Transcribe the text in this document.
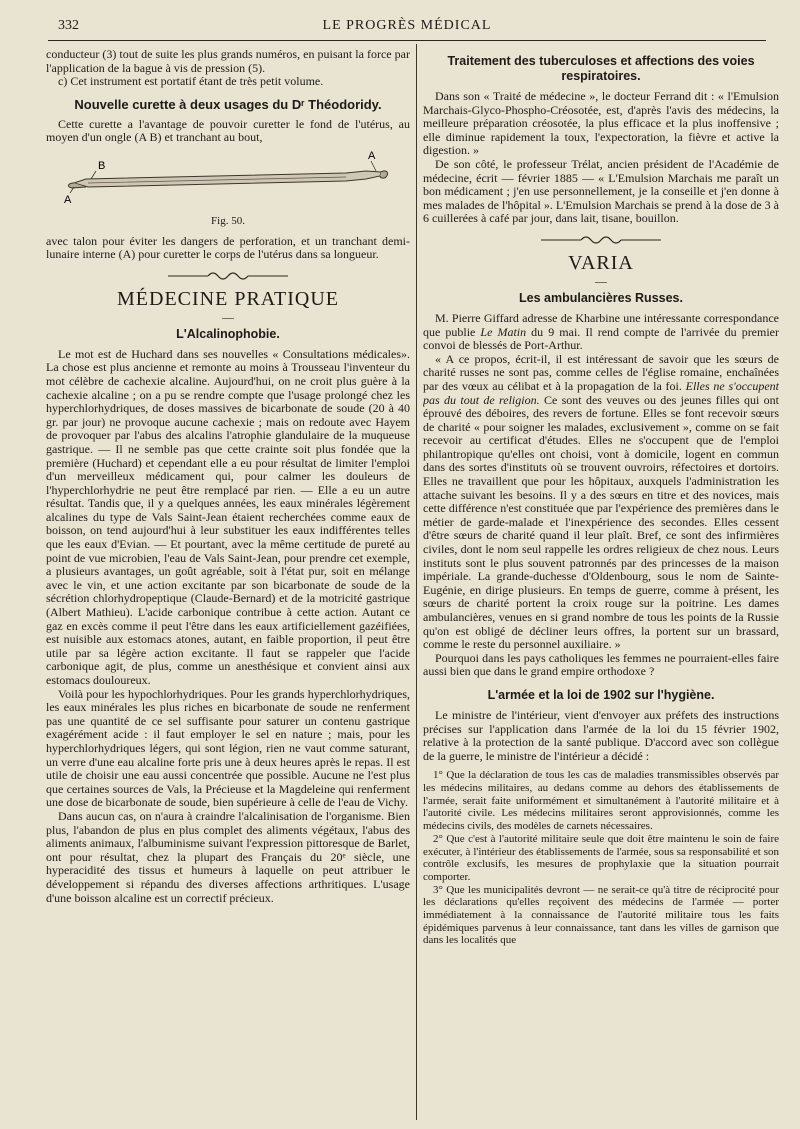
332	LE PROGRÈS MÉDICAL

conducteur (3) tout de suite les plus grands numéros, en puisant la force par l'application de la bague à vis de pression (5).

c) Cet instrument est portatif étant de très petit volume.

Nouvelle curette à deux usages du Dʳ Théodoridy.

Cette curette a l'avantage de pouvoir curetter le fond de l'utérus, au moyen d'un ongle (A B) et tranchant au bout,

B
A
A
Fig. 50.

avec talon pour éviter les dangers de perforation, et un tranchant demi-lunaire interne (A) pour curetter le corps de l'utérus dans sa longueur.

MÉDECINE PRATIQUE
—
L'Alcalinophobie.

Le mot est de Huchard dans ses nouvelles « Consultations médicales». La chose est plus ancienne et remonte au moins à Trousseau l'inventeur du mot célèbre de cachexie alcaline. Aujourd'hui, on ne croit plus guère à la cachexie alcaline ; on a pu se rendre compte que l'usage prolongé chez les hyperchlorhydriques, de doses massives de bicarbonate de soude (20 à 40 gr. par jour) ne provoque aucune cachexie ; mais on redoute avec Hayem de provoquer par l'abus des alcalins l'atrophie glandulaire de la muqueuse gastrique. — Il ne semble pas que cette crainte soit plus fondée que la première (Huchard) et cependant elle a eu pour résultat de limiter l'emploi d'un merveilleux médicament qui, pour calmer les douleurs de l'hyperchlorhydrie ne peut être remplacé par rien. — Elle a eu un autre résultat. Tandis que, il y a quelques années, les eaux minérales légèrement alcalines du type de Vals Saint-Jean étaient recherchées comme eaux de boisson, on tend aujourd'hui à leur substituer les eaux indifférentes telles que les eaux d'Evian. — Et pourtant, avec la même certitude de pureté au point de vue microbien, l'eau de Vals Saint-Jean, pour prendre cet exemple, a plusieurs avantages, un goût agréable, soit à l'état pur, soit en mélange avec le vin, et une action excitante par son bicarbonate de soude de la sécrétion chlorhydropeptique (Claude-Bernard) et de la motricité gastrique (Albert Mathieu). L'acide carbonique contribue à cette action. Autant ce gaz en excès comme il peut l'être dans les eaux artificiellement gazéifiées, est nuisible aux estomacs atones, autant, en faible proportion, il peut être utile par sa légère action excitante. Il faut se rappeler que l'acide carbonique agit, de plus, comme un anesthésique et convient ainsi aux estomacs douloureux.

Voilà pour les hypochlorhydriques. Pour les grands hyperchlorhydriques, les eaux minérales les plus riches en bicarbonate de soude ne renferment pas une quantité de ce sel suffisante pour saturer un contenu gastrique exagérément acide : il faut employer le sel en nature ; mais, pour les hyperchlorhydriques légers, qui sont légion, rien ne vaut comme saturant, un verre d'une eau alcaline forte pris une à deux heures après le repas. Il est utile de choisir une eau aussi concentrée que possible. Aucune ne l'est plus que certaines sources de Vals, la Précieuse et la Magdeleine qui renferment une dose de bicarbonate de soude, bien supérieure à celle de l'eau de Vichy.

Dans aucun cas, on n'aura à craindre l'alcalinisation de l'organisme. Bien plus, l'abandon de plus en plus complet des aliments végétaux, l'abus des aliments animaux, l'albuminisme suivant l'expression pittoresque de Barlet, ont pour résultat, chez la plupart des Français du 20ᵉ siècle, une hyperacidité des tissus et humeurs à laquelle on peut attribuer le développement si répandu des diverses affections arthritiques. L'usage d'une boisson alcaline est un correctif précieux.

Traitement des tuberculoses et affections des voies respiratoires.

Dans son « Traité de médecine », le docteur Ferrand dit : « l'Emulsion Marchais-Glyco-Phospho-Créosotée, est, d'après l'avis des médecins, la meilleure préparation créosotée, la plus efficace et la plus inoffensive ; elle diminue rapidement la toux, l'expectoration, la fièvre et active la digestion. »

De son côté, le professeur Trélat, ancien président de l'Académie de médecine, écrit — février 1885 — « L'Emulsion Marchais me paraît un bon médicament ; j'en use personnellement, je la conseille et j'en donne à mes malades de l'hôpital ». L'Emulsion Marchais se prend à la dose de 3 à 6 cuillerées à café par jour, dans lait, tisane, bouillon.

VARIA
—
Les ambulancières Russes.

M. Pierre Giffard adresse de Kharbine une intéressante correspondance que publie Le Matin du 9 mai. Il rend compte de l'arrivée du premier convoi de blessés de Port-Arthur.

« A ce propos, écrit-il, il est intéressant de savoir que les sœurs de charité russes ne sont pas, comme celles de l'église romaine, enchaînées par des vœux au célibat et à la propagation de la foi. Elles ne s'occupent pas du tout de religion. Ce sont des veuves ou des jeunes filles qui ont éprouvé des déboires, des revers de fortune. Elles se font recevoir sœurs de charité « pour soigner les malades, exclusivement », comme on se fait recevoir au certificat d'études. Elles ne s'occupent que de l'emploi philantropique qu'elles ont choisi, vont à domicile, logent en commun dans des sortes d'instituts où se trouvent ouvroirs, réfectoires et dortoirs. Elles ne travaillent que pour les hôpitaux, auxquels l'administration les attache suivant les besoins. Il y a des sœurs en titre et des novices, mais cette différence n'est constituée que par l'expérience des premières dans le métier de garde-malade et l'inexpérience des secondes. Elles cessent d'être sœurs de charité quand il leur plaît. Bref, ce sont des infirmières civiles, dont le nom seul rappelle les ordres religieux de chez nous. Leurs instituts sont le plus souvent patronnés par des princesses de la maison impériale. La grande-duchesse d'Oldenbourg, sous le nom de Sainte-Eugénie, en dirige plusieurs. En temps de guerre, comme à présent, les sœurs de charité portent la croix rouge sur la poitrine. Les dames ambulancières, venues en si grand nombre de tous les points de la Russie qu'on est obligé de décliner leurs offres, la portent sur un brassard, comme le reste du personnel auxiliaire. »

Pourquoi dans les pays catholiques les femmes ne pourraient-elles faire aussi bien que dans le grand empire orthodoxe ?

L'armée et la loi de 1902 sur l'hygiène.

Le ministre de l'intérieur, vient d'envoyer aux préfets des instructions précises sur l'application dans l'armée de la loi du 15 février 1902, relative à la protection de la santé publique. D'accord avec son collègue de la guerre, le ministre de l'intérieur a décidé :

1° Que la déclaration de tous les cas de maladies transmissibles observés par les médecins militaires, au dedans comme au dehors des établissements de l'armée, serait faite uniformément et simultanément à l'autorité militaire et à l'autorité civile. Les médecins militaires seront approvisionnés, comme les médecins civils, des modèles de carnets nécessaires.

2° Que c'est à l'autorité militaire seule que doit être maintenu le soin de faire exécuter, à l'intérieur des établissements de l'armée, sous sa responsabilité et son contrôle exclusifs, les mesures de prophylaxie que la situation pourrait comporter.

3° Que les municipalités devront — ne serait-ce qu'à titre de réciprocité pour les déclarations qu'elles reçoivent des médecins de l'armée — porter immédiatement à la connaissance de l'autorité militaire tous les faits épidémiques parvenus à leur connaissance, tant dans les villes de garnison que dans les localités que
